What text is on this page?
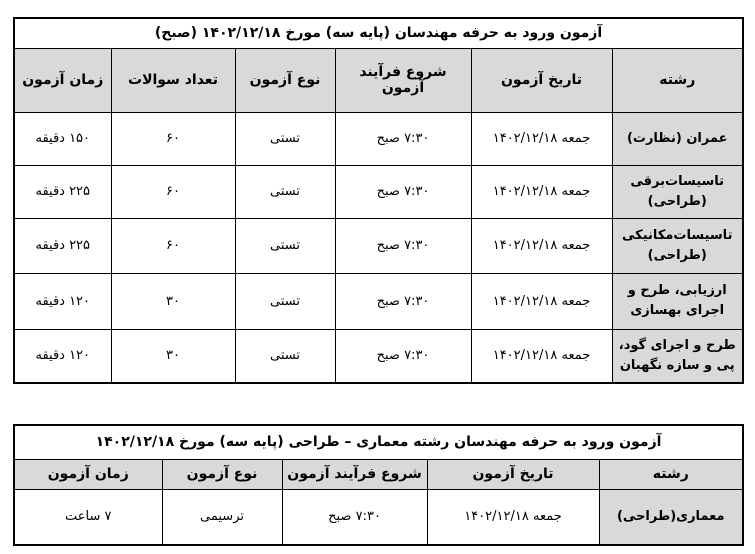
آزمون ورود به حرفه مهندسان (پایه سه) مورخ ۱۴۰۲/۱۲/۱۸ (صبح)					
رشته	تاریخ آزمون	شروع فرآیند آزمون	نوع آزمون	تعداد سوالات	زمان آزمون
عمران (نظارت)	جمعه ۱۴۰۲/۱۲/۱۸	۷:۳۰ صبح	تستی	۶۰	۱۵۰ دقیقه
تاسیسات‌برقی (طراحی)	جمعه ۱۴۰۲/۱۲/۱۸	۷:۳۰ صبح	تستی	۶۰	۲۲۵ دقیقه
تاسیسات‌مکانیکی (طراحی)	جمعه ۱۴۰۲/۱۲/۱۸	۷:۳۰ صبح	تستی	۶۰	۲۲۵ دقیقه
ارزیابی، طرح و اجرای بهسازی	جمعه ۱۴۰۲/۱۲/۱۸	۷:۳۰ صبح	تستی	۳۰	۱۲۰ دقیقه
طرح و اجرای گود، پی و سازه نگهبان	جمعه ۱۴۰۲/۱۲/۱۸	۷:۳۰ صبح	تستی	۳۰	۱۲۰ دقیقه
آزمون ورود به حرفه مهندسان رشته معماری – طراحی (پایه سه) مورخ ۱۴۰۲/۱۲/۱۸				
رشته	تاریخ آزمون	شروع فرآیند آزمون	نوع آزمون	زمان آزمون
معماری(طراحی)	جمعه ۱۴۰۲/۱۲/۱۸	۷:۳۰ صبح	ترسیمی	۷ ساعت
